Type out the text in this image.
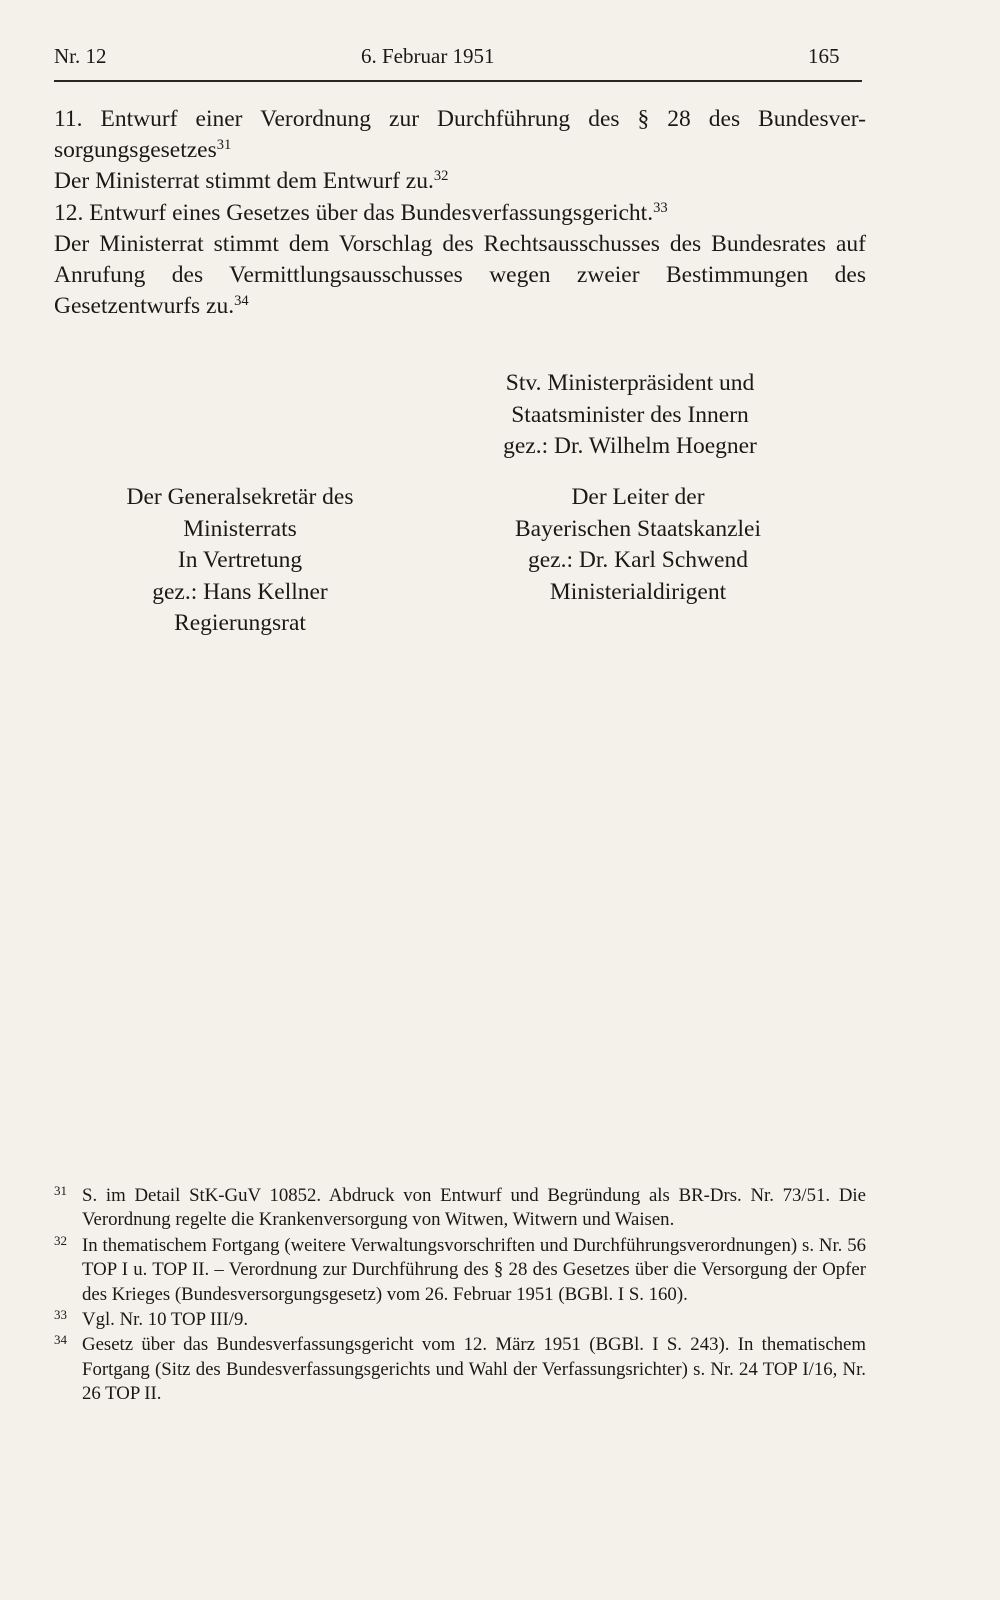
Nr. 12	6. Februar 1951	165

11. Entwurf einer Verordnung zur Durchführung des § 28 des Bundesver-sorgungsgesetzes$^{31}$

Der Ministerrat stimmt dem Entwurf zu.$^{32}$

12. Entwurf eines Gesetzes über das Bundesverfassungsgericht.$^{33}$

Der Ministerrat stimmt dem Vorschlag des Rechtsausschusses des Bundesrates auf Anrufung des Vermittlungsausschusses wegen zweier Bestimmungen des Gesetzentwurfs zu.$^{34}$

Stv. Ministerpräsident und
Staatsminister des Innern
gez.: Dr. Wilhelm Hoegner
Der Generalsekretär des
Ministerrats
In Vertretung
gez.: Hans Kellner
Regierungsrat
Der Leiter der
Bayerischen Staatskanzlei
gez.: Dr. Karl Schwend
Ministerialdirigent

31 S. im Detail StK-GuV 10852. Abdruck von Entwurf und Begründung als BR-Drs. Nr. 73/51. Die Verordnung regelte die Krankenversorgung von Witwen, Witwern und Waisen.

32 In thematischem Fortgang (weitere Verwaltungsvorschriften und Durchführungsverordnungen) s. Nr. 56 TOP I u. TOP II. – Verordnung zur Durchführung des § 28 des Gesetzes über die Versorgung der Opfer des Krieges (Bundesversorgungsgesetz) vom 26. Februar 1951 (BGBl. I S. 160).

33 Vgl. Nr. 10 TOP III/9.

34 Gesetz über das Bundesverfassungsgericht vom 12. März 1951 (BGBl. I S. 243). In thematischem Fortgang (Sitz des Bundesverfassungsgerichts und Wahl der Verfassungsrichter) s. Nr. 24 TOP I/16, Nr. 26 TOP II.
